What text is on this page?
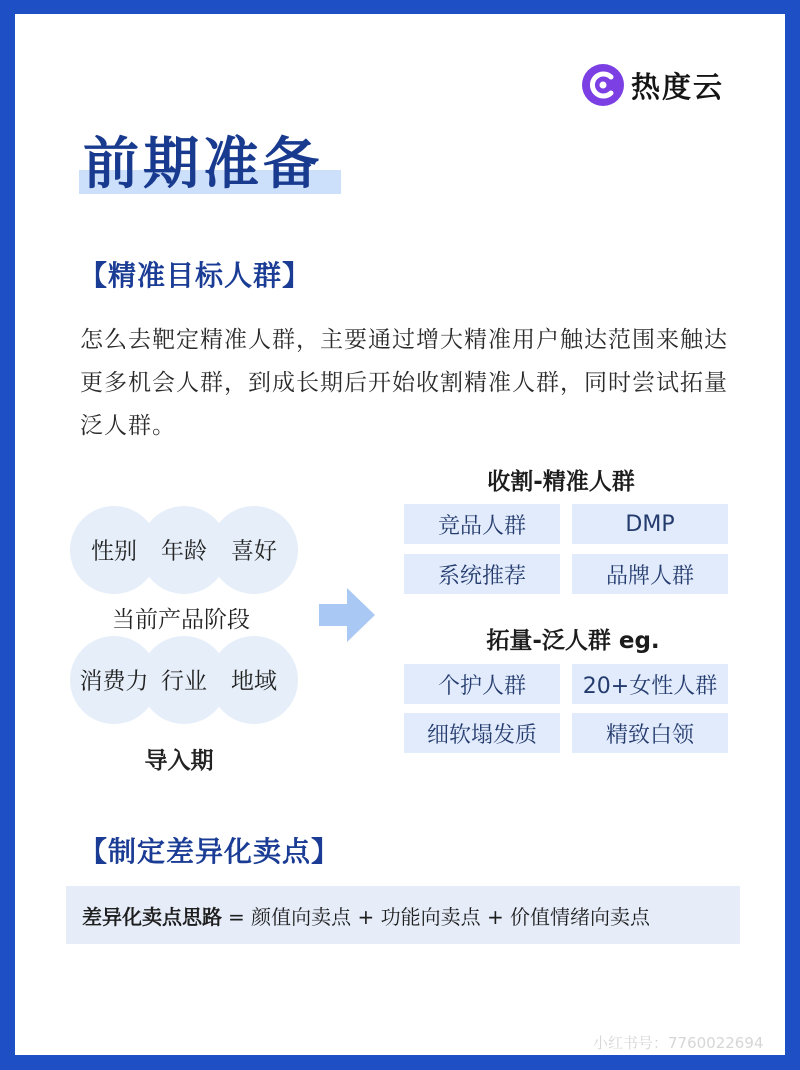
热度云
前期准备
【精准目标人群】
怎么去靶定精准人群，主要通过增大精准用户触达范围来触达更多机会人群，到成长期后开始收割精准人群，同时尝试拓量泛人群。
性别 年龄 喜好
当前产品阶段
消费力 行业 地域
导入期
收割-精准人群
竞品人群	DMP
系统推荐	品牌人群
拓量-泛人群 eg.
个护人群	20+女性人群
细软塌发质	精致白领
【制定差异化卖点】
差异化卖点思路 = 颜值向卖点 + 功能向卖点 + 价值情绪向卖点
小红书号：7760022694
